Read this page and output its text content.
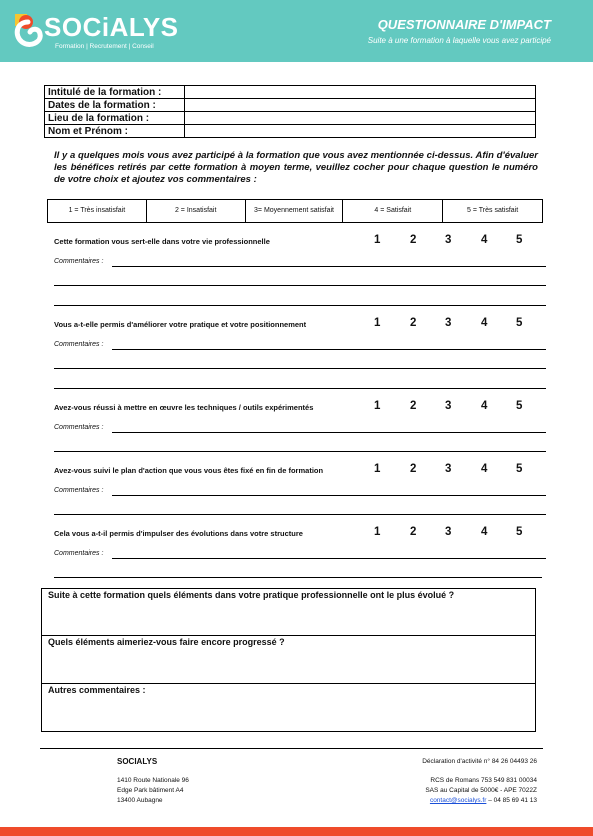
SOCiALYS
Formation | Recrutement | Conseil
QUESTIONNAIRE D'IMPACT
Suite à une formation à laquelle vous avez participé
Intitulé de la formation :	
Dates de la formation :	
Lieu de la formation :	
Nom et Prénom :	

Il y a quelques mois vous avez participé à la formation que vous avez mentionnée ci-dessus. Afin d'évaluer les bénéfices retirés par cette formation à moyen terme, veuillez cocher pour chaque question le numéro de votre choix et ajoutez vos commentaires :

1 = Très insatisfait	2 = Insatisfait	3= Moyennement satisfait	4 = Satisfait	5 = Très satisfait
Cette formation vous sert-elle dans votre vie professionnelle	1	2 3	4 5
Commentaires :
Vous a-t-elle permis d'améliorer votre pratique et votre positionnement	1	2 3	4 5
Commentaires :
Avez-vous réussi à mettre en œuvre les techniques / outils expérimentés	1	2 3	4 5
Commentaires :
Avez-vous suivi le plan d'action que vous vous êtes fixé en fin de formation	1	2 3	4 5
Commentaires :
Cela vous a-t-il permis d'impulser des évolutions dans votre structure	1	2 3	4 5
Commentaires :
Suite à cette formation quels éléments dans votre pratique professionnelle ont le plus évolué ?
Quels éléments aimeriez-vous faire encore progressé ?
Autres commentaires :
SOCIALYS	Déclaration d'activité n° 84 26 04493 26
1410 Route Nationale 96
Edge Park bâtiment A4
13400 Aubagne
RCS de Romans 753 549 831 00034
SAS au Capital de 5000€ - APE 7022Z
contact@socialys.fr – 04 85 69 41 13
